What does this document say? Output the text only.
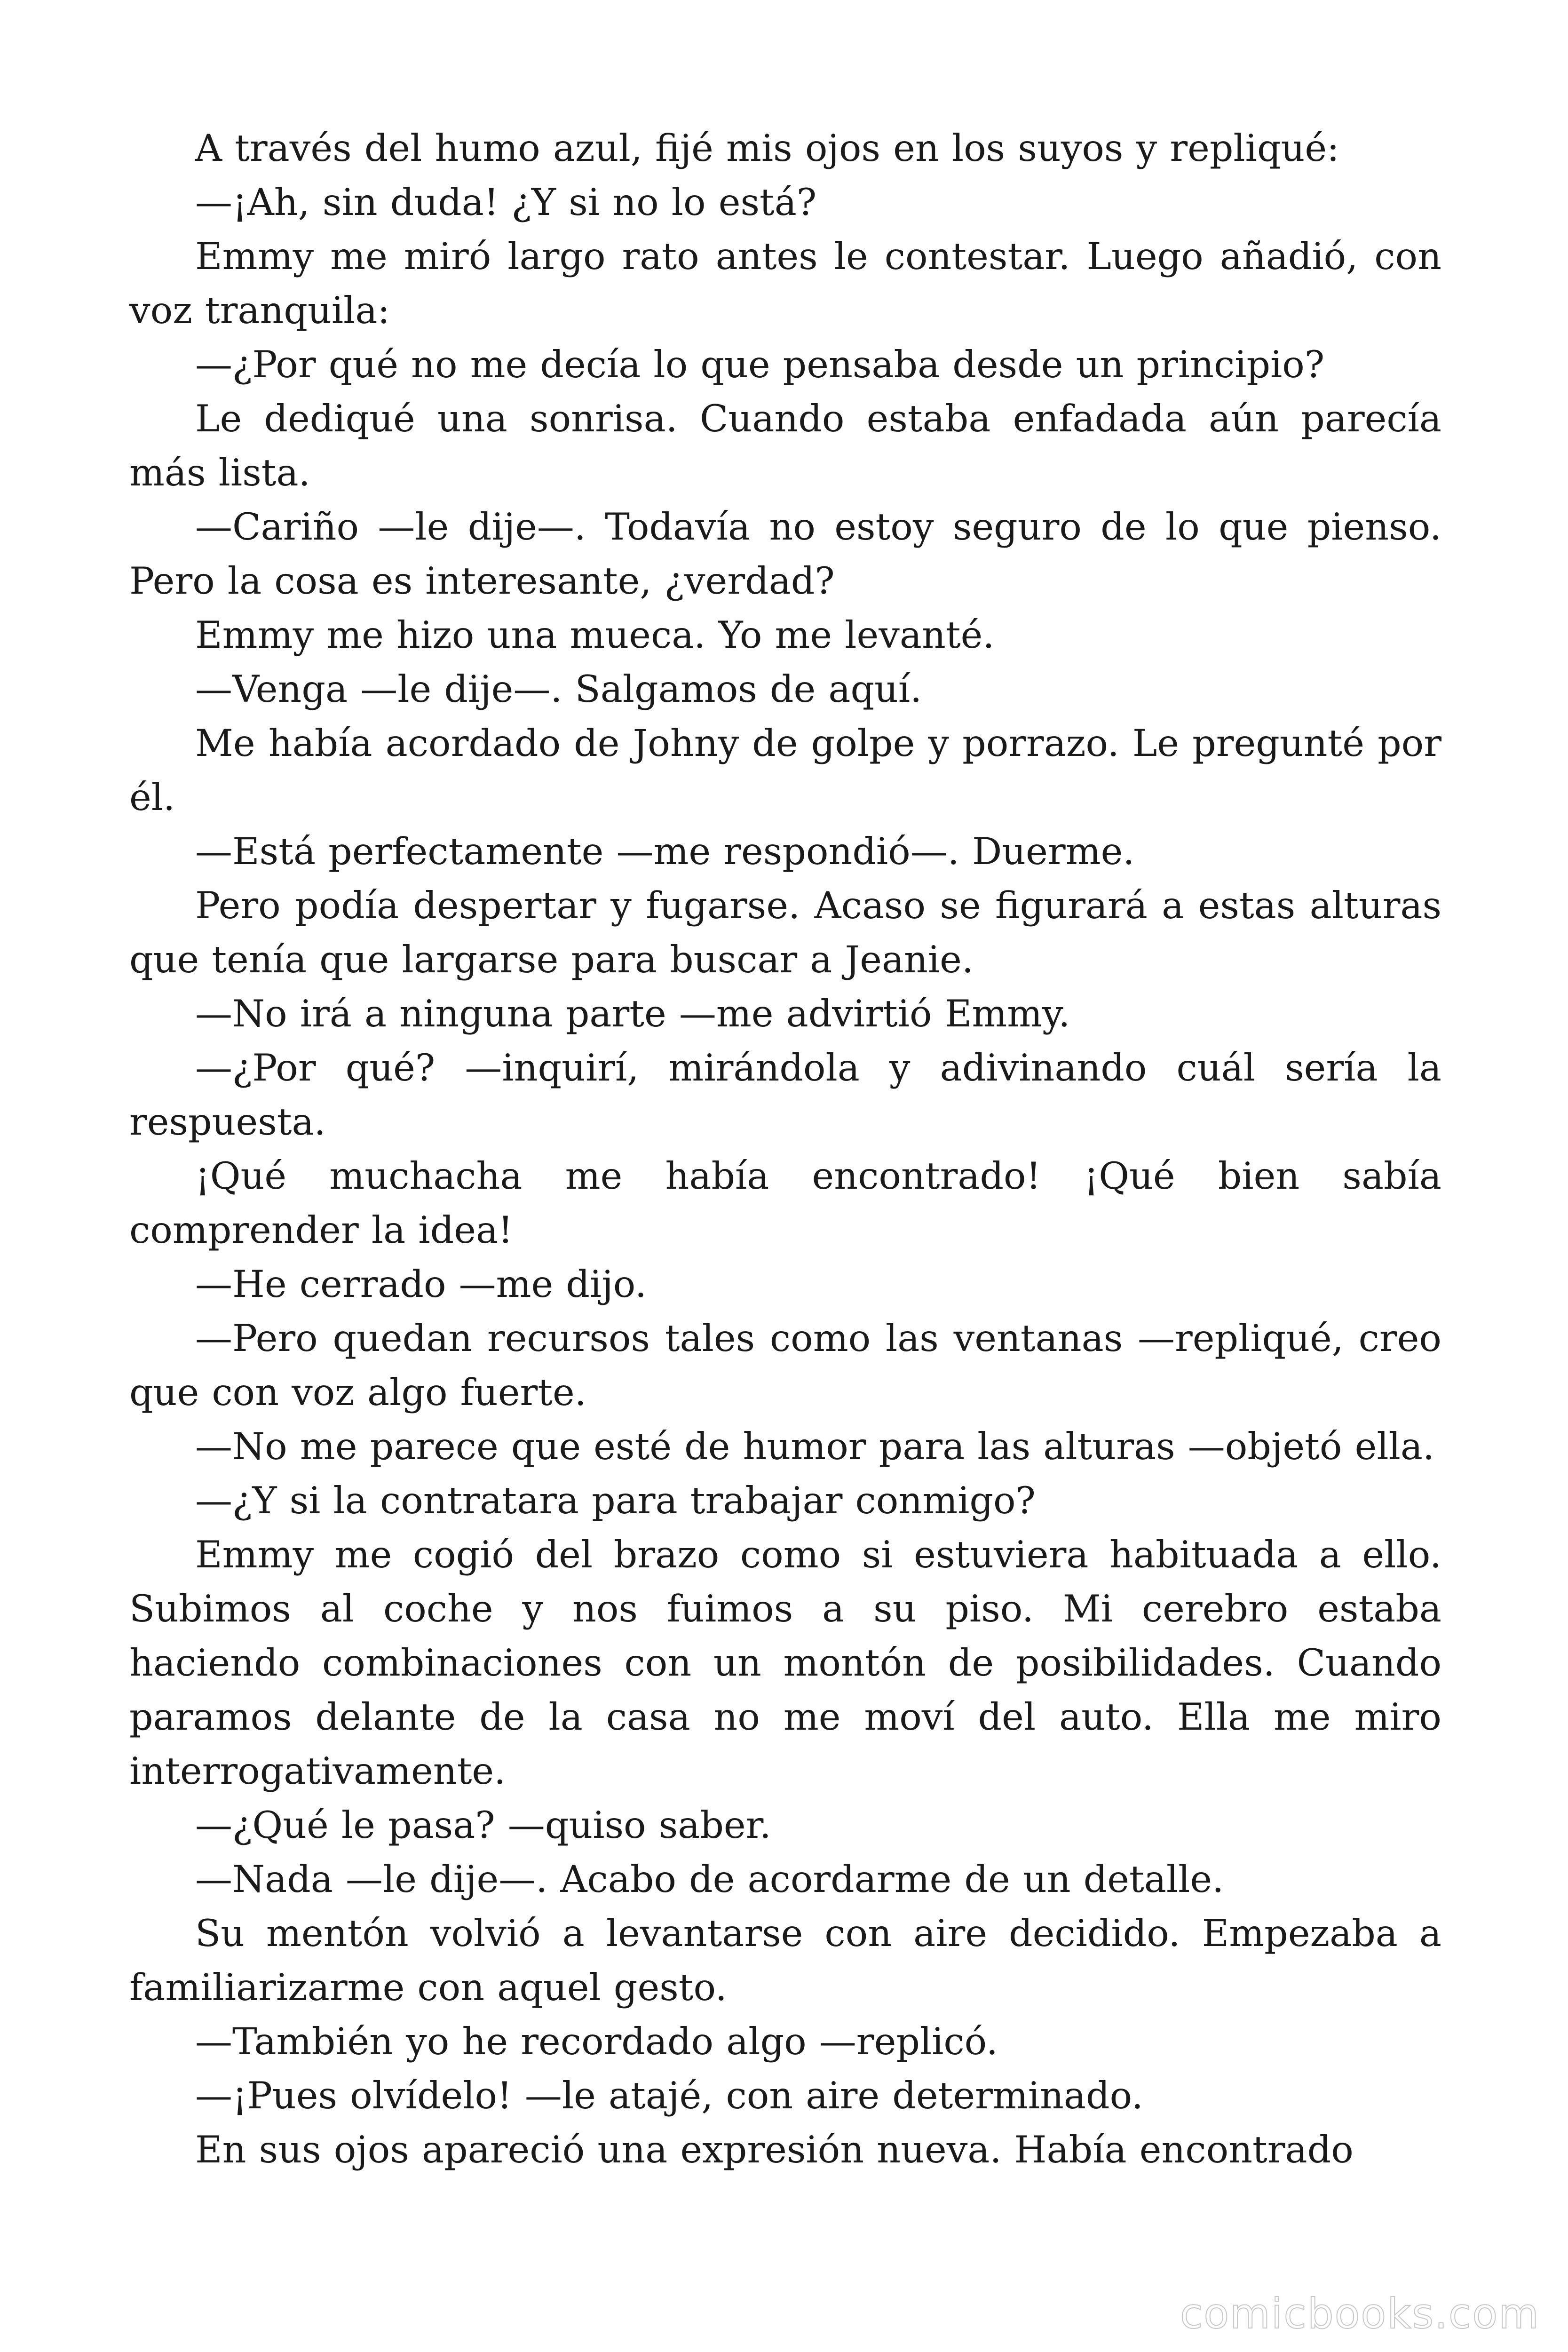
A través del humo azul, fijé mis ojos en los suyos y repliqué:

—¡Ah, sin duda! ¿Y si no lo está?

Emmy me miró largo rato antes le contestar. Luego añadió, con voz tranquila:

—¿Por qué no me decía lo que pensaba desde un principio?

Le dediqué una sonrisa. Cuando estaba enfadada aún parecía más lista.

—Cariño —le dije—. Todavía no estoy seguro de lo que pienso. Pero la cosa es interesante, ¿verdad?

Emmy me hizo una mueca. Yo me levanté.

—Venga —le dije—. Salgamos de aquí.

Me había acordado de Johny de golpe y porrazo. Le pregunté por él.

—Está perfectamente —me respondió—. Duerme.

Pero podía despertar y fugarse. Acaso se figurará a estas alturas que tenía que largarse para buscar a Jeanie.

—No irá a ninguna parte —me advirtió Emmy.

—¿Por qué? —inquirí, mirándola y adivinando cuál sería la respuesta.

¡Qué muchacha me había encontrado! ¡Qué bien sabía comprender la idea!

—He cerrado —me dijo.

—Pero quedan recursos tales como las ventanas —repliqué, creo que con voz algo fuerte.

—No me parece que esté de humor para las alturas —objetó ella.

—¿Y si la contratara para trabajar conmigo?

Emmy me cogió del brazo como si estuviera habituada a ello. Subimos al coche y nos fuimos a su piso. Mi cerebro estaba haciendo combinaciones con un montón de posibilidades. Cuando paramos delante de la casa no me moví del auto. Ella me miro interrogativamente.

—¿Qué le pasa? —quiso saber.

—Nada —le dije—. Acabo de acordarme de un detalle.

Su mentón volvió a levantarse con aire decidido. Empezaba a familiarizarme con aquel gesto.

—También yo he recordado algo —replicó.

—¡Pues olvídelo! —le atajé, con aire determinado.

En sus ojos apareció una expresión nueva. Había encontrado

comicbooks.com
